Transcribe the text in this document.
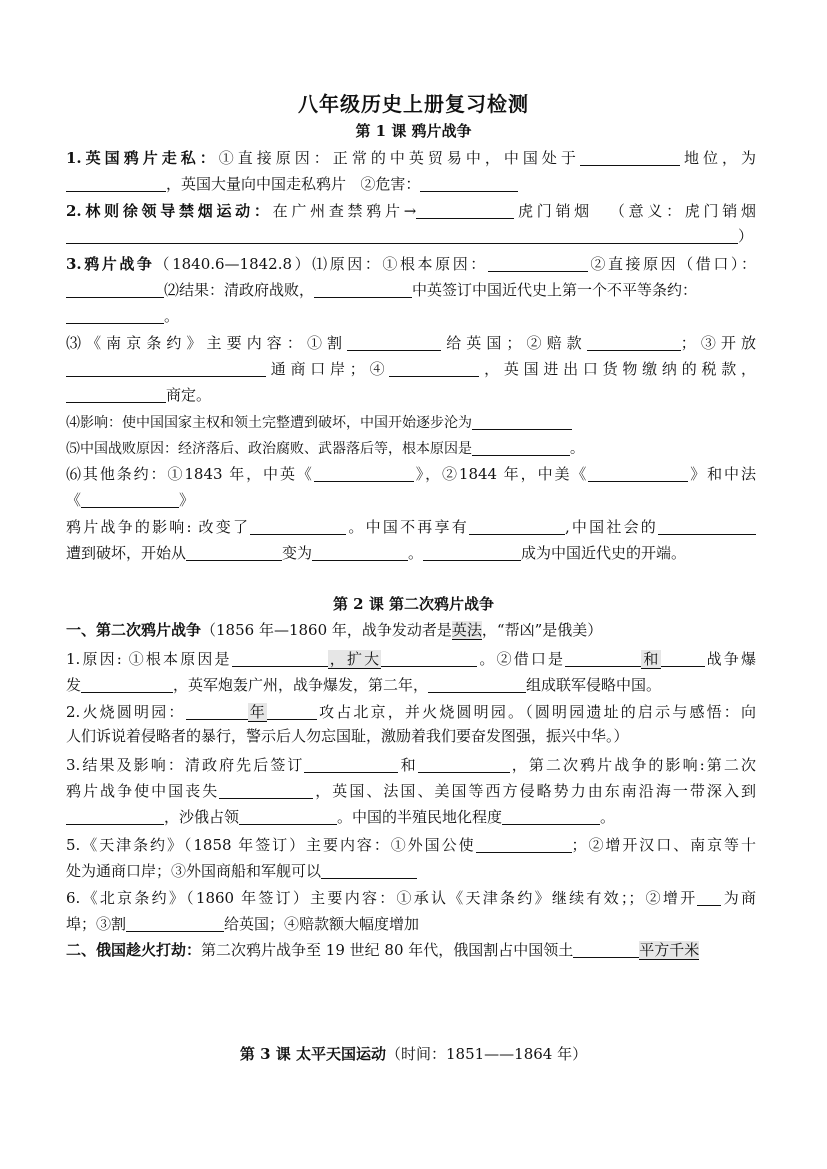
八年级历史上册复习检测
第 1 课 鸦片战争
1.英国鸦片走私：①直接原因：正常的中英贸易中，中国处于	地位，为
，英国大量向中国走私鸦片 ②危害：
2.林则徐领导禁烟运动：在广州查禁鸦片→	虎门销烟 （意义：虎门销烟
）
3.鸦片战争（1840.6—1842.8）⑴原因：①根本原因：	②直接原因（借口）：
⑵结果：清政府战败，	中英签订中国近代史上第一个不平等条约：
。
⑶《南京条约》主要内容：①割	给英国；②赔款	；③开放
通商口岸；④	，英国进出口货物缴纳的税款，
商定。
⑷影响：使中国国家主权和领土完整遭到破坏，中国开始逐步沦为
⑸中国战败原因：经济落后、政治腐败、武器落后等，根本原因是	。
⑹其他条约：①1843 年，中英《	》，②1844 年，中美《	》和中法
《	》
鸦片战争的影响: 改变了	。中国不再享有	,中国社会的
遭到破坏，开始从	变为	。	成为中国近代史的开端。
第 2 课 第二次鸦片战争
一、第二次鸦片战争（1856 年—1860 年，战争发动者是英法，“帮凶”是俄美）
1.原因: ①根本原因是	，扩大	。②借口是	和	战争爆
发	，英军炮轰广州，战争爆发，第二年，	组成联军侵略中国。
2.火烧圆明园：	年	攻占北京，并火烧圆明园。（圆明园遗址的启示与感悟：向
人们诉说着侵略者的暴行，警示后人勿忘国耻，激励着我们要奋发图强，振兴中华。）
3.结果及影响：清政府先后签订	和	，第二次鸦片战争的影响:第二次
鸦片战争使中国丧失	，英国、法国、美国等西方侵略势力由东南沿海一带深入到
，沙俄占领	。中国的半殖民地化程度	。
5.《天津条约》（1858 年签订）主要内容：①外国公使	；②增开汉口、南京等十
处为通商口岸；③外国商船和军舰可以
6.《北京条约》（1860 年签订）主要内容：①承认《天津条约》继续有效；；②增开 为商
埠；③割	给英国；④赔款额大幅度增加
二、俄国趁火打劫：第二次鸦片战争至 19 世纪 80 年代，俄国割占中国领土	平方千米
第 3 课 太平天国运动（时间：1851——1864 年）
